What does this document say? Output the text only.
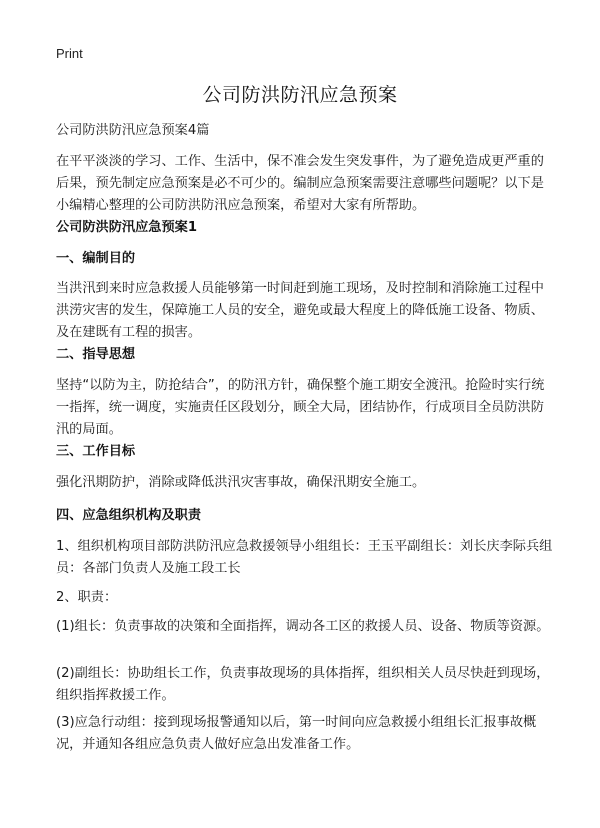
Print
公司防洪防汛应急预案

公司防洪防汛应急预案4篇

在平平淡淡的学习、工作、生活中，保不准会发生突发事件，为了避免造成更严重的后果，预先制定应急预案是必不可少的。编制应急预案需要注意哪些问题呢？以下是小编精心整理的公司防洪防汛应急预案，希望对大家有所帮助。

公司防洪防汛应急预案1

一、编制目的

当洪汛到来时应急救援人员能够第一时间赶到施工现场，及时控制和消除施工过程中洪涝灾害的发生，保障施工人员的安全，避免或最大程度上的降低施工设备、物质、及在建既有工程的损害。

二、指导思想

坚持“以防为主，防抢结合”，的防汛方针，确保整个施工期安全渡汛。抢险时实行统一指挥，统一调度，实施责任区段划分，顾全大局，团结协作，行成项目全员防洪防汛的局面。

三、工作目标

强化汛期防护，消除或降低洪汛灾害事故，确保汛期安全施工。

四、应急组织机构及职责

1、组织机构项目部防洪防汛应急救援领导小组组长：王玉平副组长：刘长庆李际兵组员：各部门负责人及施工段工长

2、职责：

(1)组长：负责事故的决策和全面指挥，调动各工区的救援人员、设备、物质等资源。

(2)副组长：协助组长工作，负责事故现场的具体指挥，组织相关人员尽快赶到现场，组织指挥救援工作。

(3)应急行动组：接到现场报警通知以后，第一时间向应急救援小组组长汇报事故概况，并通知各组应急负责人做好应急出发准备工作。
